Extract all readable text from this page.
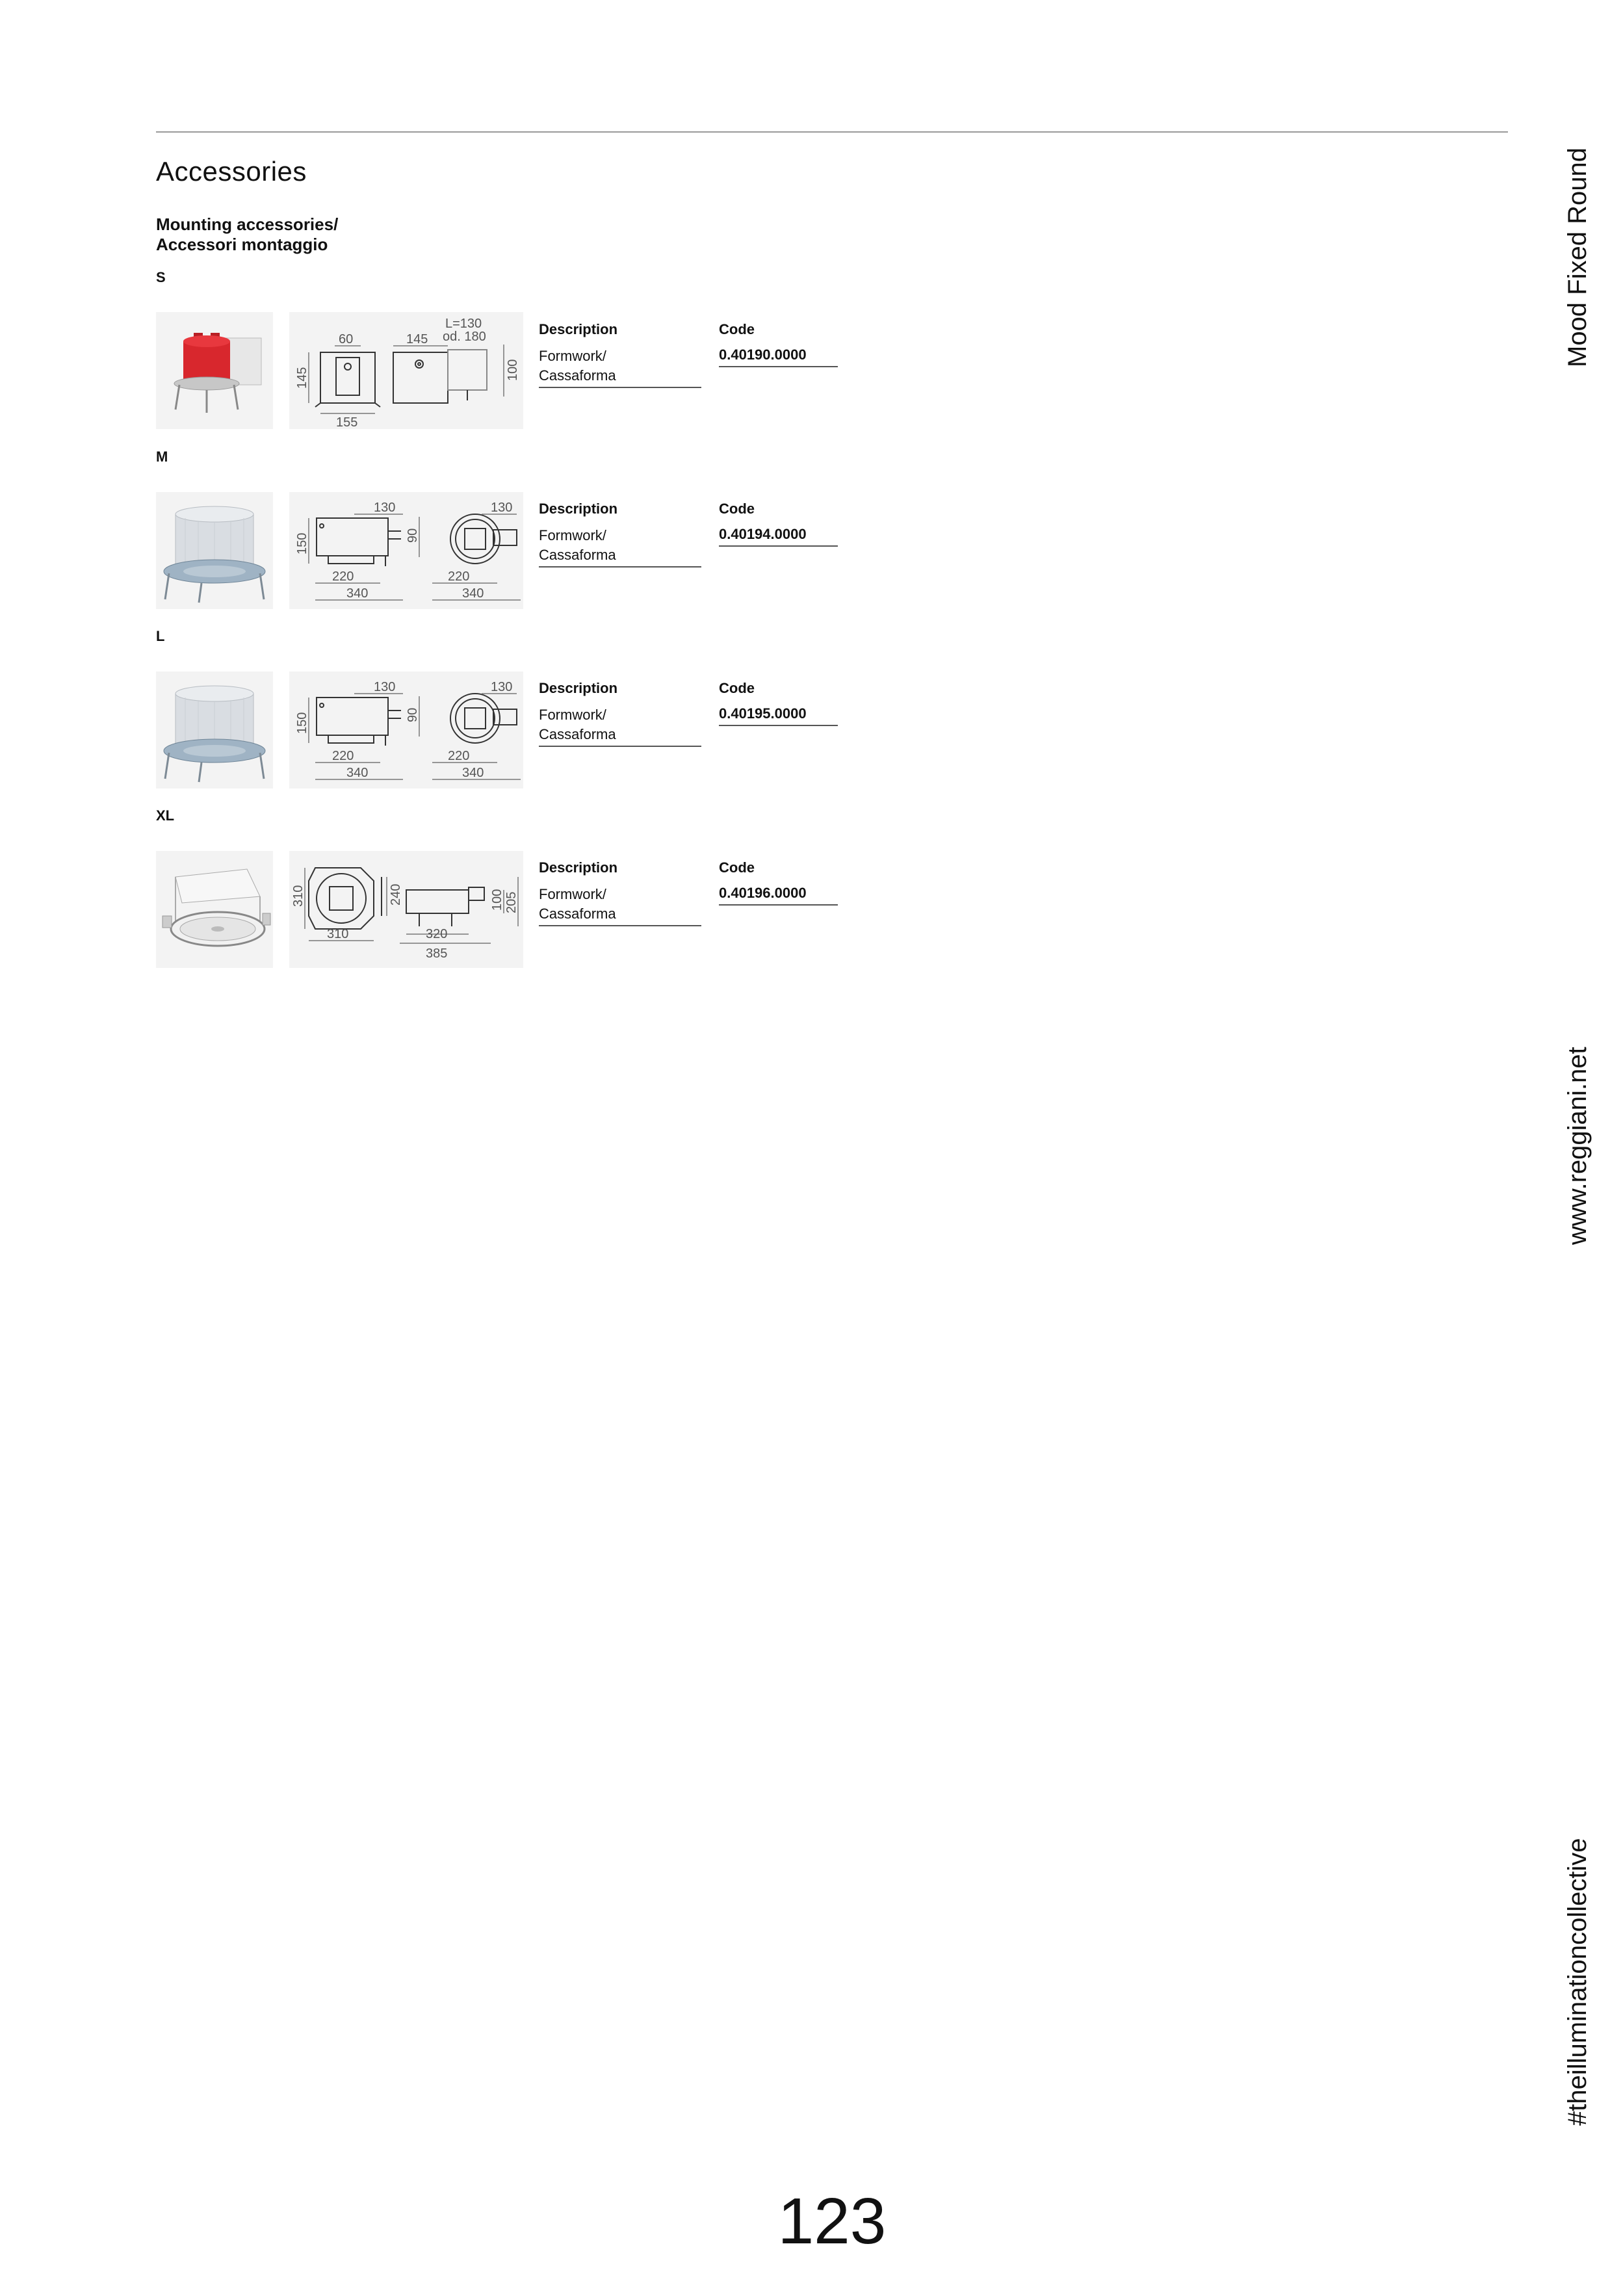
Accessories
Mounting accessories/
Accessori montaggio
S
60	145
L=130
od. 180
145	100
155
Description	Code
Formwork/
Cassaforma
0.40190.0000
M
130
150	90
130
220
340
220
340
Description	Code
Formwork/
Cassaforma
0.40194.0000
L
130
150	90
130
220
340
220
340
Description	Code
Formwork/
Cassaforma
0.40195.0000
XL
310	240	100 205
310	320
385
Description	Code
Formwork/
Cassaforma
0.40196.0000
Mood Fixed Round
www.reggiani.net
#theilluminationcollective
123
